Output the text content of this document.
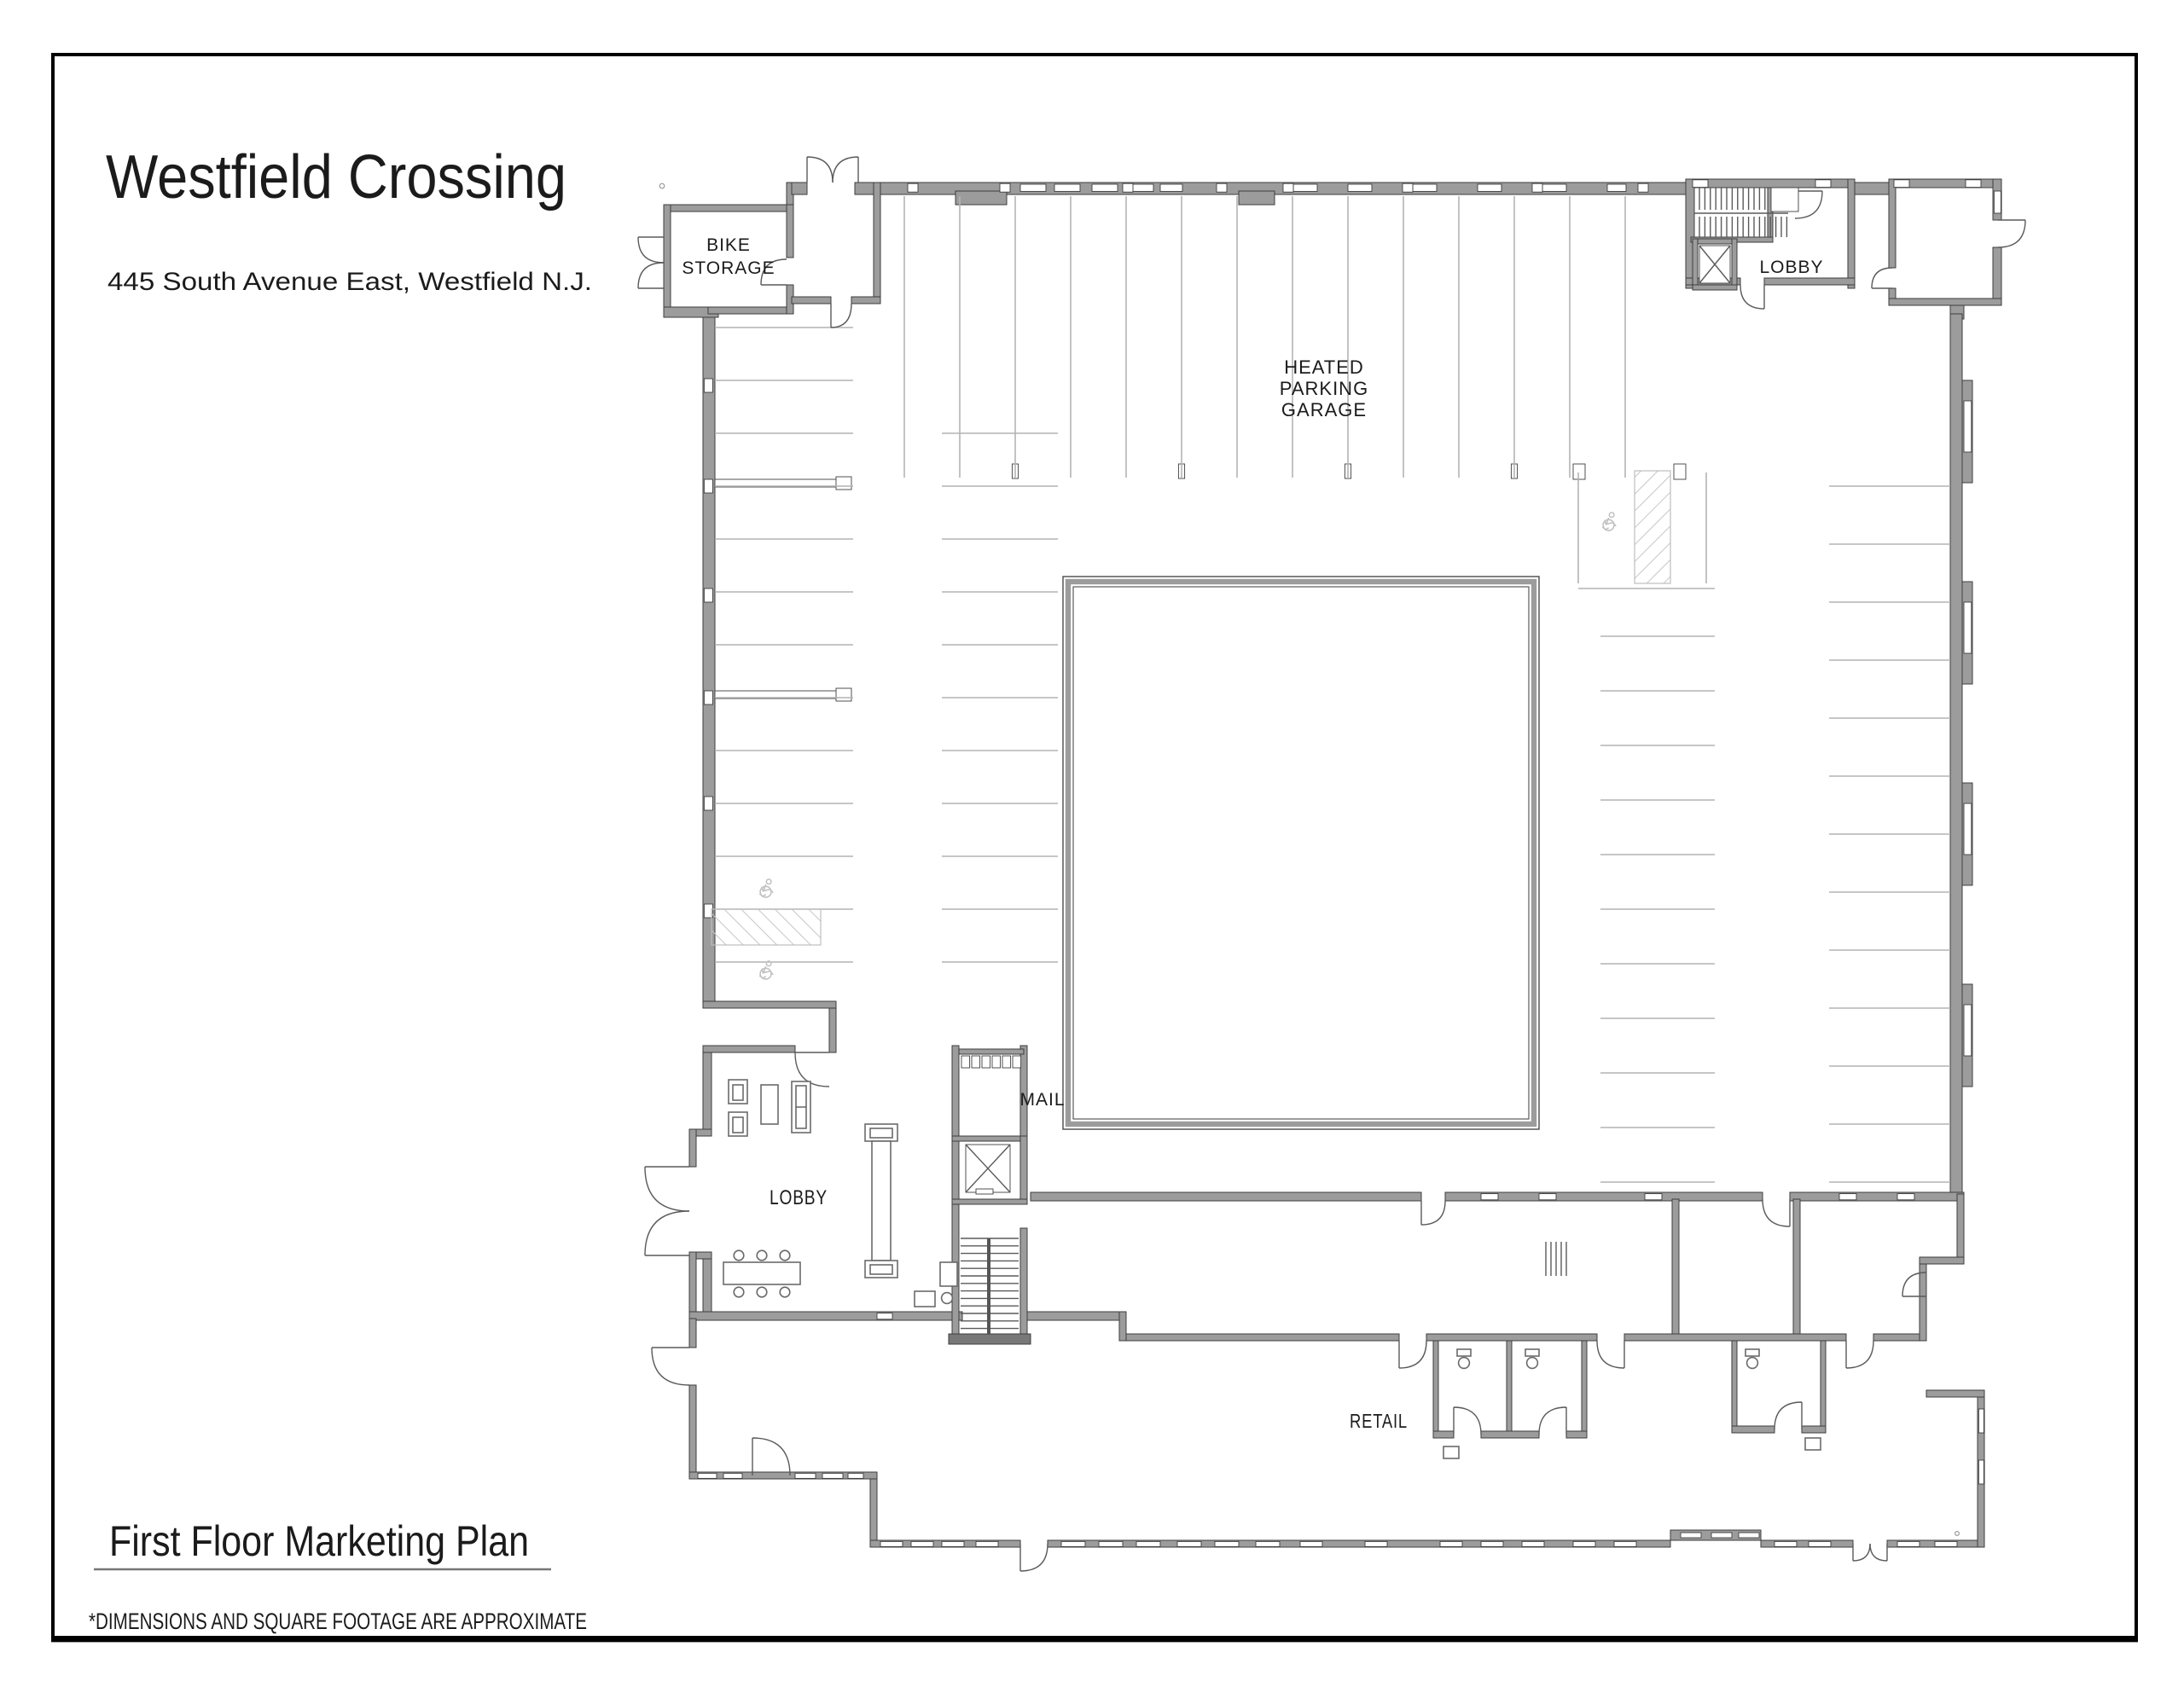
Westfield Crossing
445 South Avenue East, Westfield N.J.
BIKE STORAGE
HEATED PARKING GARAGE
LOBBY
MAIL
LOBBY
RETAIL
First Floor Marketing Plan
*DIMENSIONS AND SQUARE FOOTAGE ARE APPROXIMATE
